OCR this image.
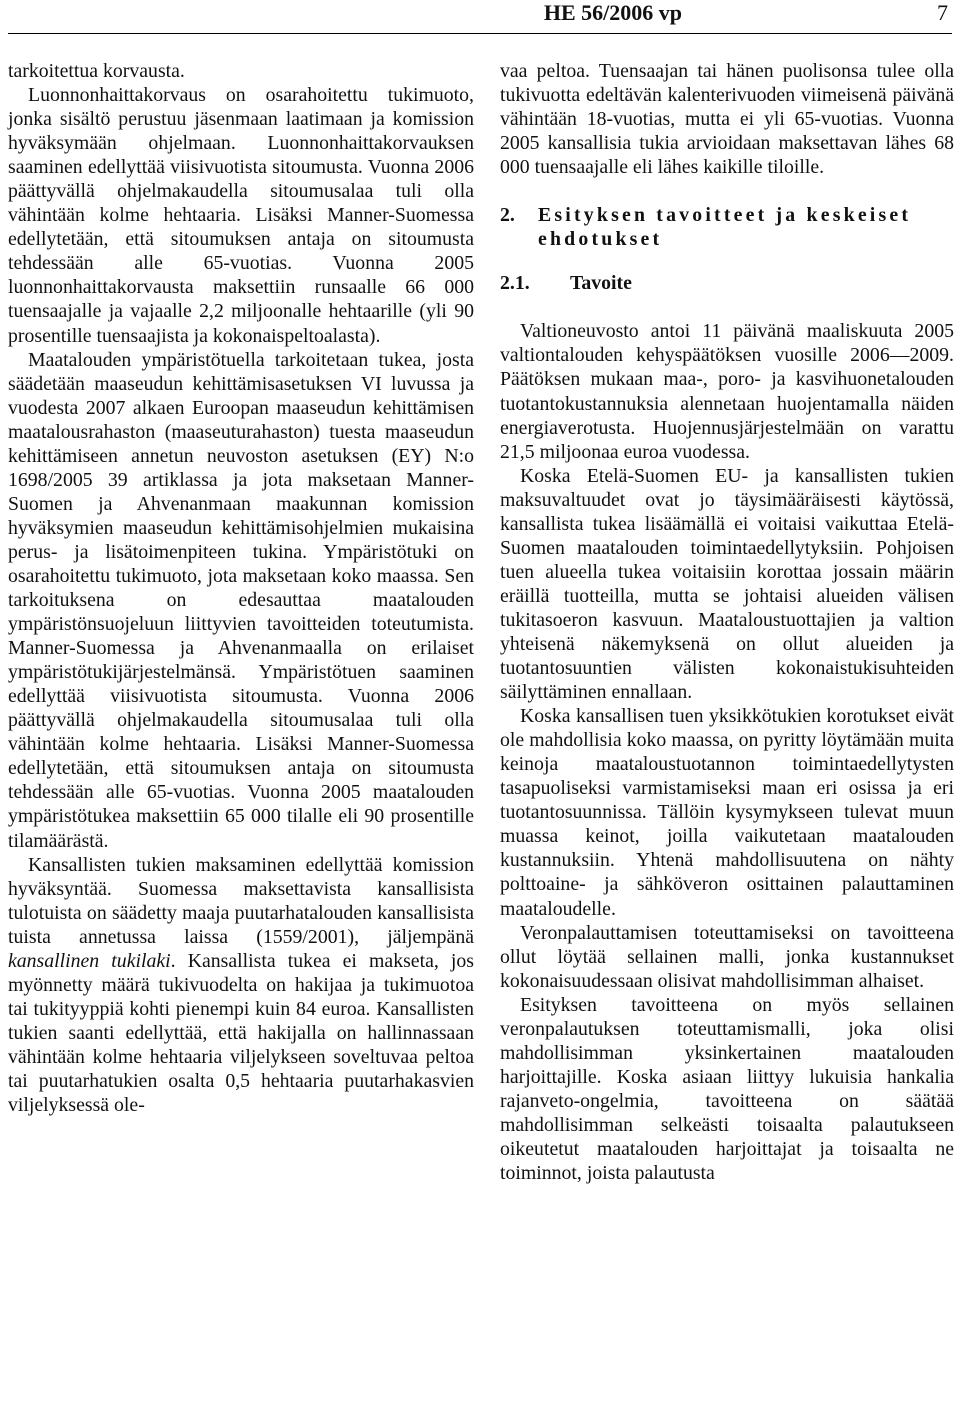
HE 56/2006 vp	7

tarkoitettua korvausta.

Luonnonhaittakorvaus on osarahoitettu tukimuoto, jonka sisältö perustuu jäsenmaan laatimaan ja komission hyväksymään ohjelmaan. Luonnonhaittakorvauksen saaminen edellyttää viisivuotista sitoumusta. Vuonna 2006 päättyvällä ohjelmakaudella sitoumusalaa tuli olla vähintään kolme hehtaaria. Lisäksi Manner-Suomessa edellytetään, että sitoumuksen antaja on sitoumusta tehdessään alle 65-vuotias. Vuonna 2005 luonnonhaittakorvausta maksettiin runsaalle 66 000 tuensaajalle ja vajaalle 2,2 miljoonalle hehtaarille (yli 90 prosentille tuensaajista ja kokonaispeltoalasta).

Maatalouden ympäristötuella tarkoitetaan tukea, josta säädetään maaseudun kehittämisasetuksen VI luvussa ja vuodesta 2007 alkaen Euroopan maaseudun kehittämisen maatalousrahaston (maaseuturahaston) tuesta maaseudun kehittämiseen annetun neuvoston asetuksen (EY) N:o 1698/2005 39 artiklassa ja jota maksetaan Manner-Suomen ja Ahvenanmaan maakunnan komission hyväksymien maaseudun kehittämisohjelmien mukaisina perus- ja lisätoimenpiteen tukina. Ympäristötuki on osarahoitettu tukimuoto, jota maksetaan koko maassa. Sen tarkoituksena on edesauttaa maatalouden ympäristönsuojeluun liittyvien tavoitteiden toteutumista. Manner-Suomessa ja Ahvenanmaalla on erilaiset ympäristötukijärjestelmänsä. Ympäristötuen saaminen edellyttää viisivuotista sitoumusta. Vuonna 2006 päättyvällä ohjelmakaudella sitoumusalaa tuli olla vähintään kolme hehtaaria. Lisäksi Manner-Suomessa edellytetään, että sitoumuksen antaja on sitoumusta tehdessään alle 65-vuotias. Vuonna 2005 maatalouden ympäristötukea maksettiin 65 000 tilalle eli 90 prosentille tilamäärästä.

Kansallisten tukien maksaminen edellyttää komission hyväksyntää. Suomessa maksettavista kansallisista tulotuista on säädetty maaja puutarhatalouden kansallisista tuista annetussa laissa (1559/2001), jäljempänä kansallinen tukilaki. Kansallista tukea ei makseta, jos myönnetty määrä tukivuodelta on hakijaa ja tukimuotoa tai tukityyppiä kohti pienempi kuin 84 euroa. Kansallisten tukien saanti edellyttää, että hakijalla on hallinnassaan vähintään kolme hehtaaria viljelykseen soveltuvaa peltoa tai puutarhatukien osalta 0,5 hehtaaria puutarhakasvien viljelyksessä ole-

vaa peltoa. Tuensaajan tai hänen puolisonsa tulee olla tukivuotta edeltävän kalenterivuoden viimeisenä päivänä vähintään 18-vuotias, mutta ei yli 65-vuotias. Vuonna 2005 kansallisia tukia arvioidaan maksettavan lähes 68 000 tuensaajalle eli lähes kaikille tiloille.

2.	Esityksen tavoitteet ja keskeiset ehdotukset
2.1.	Tavoite

Valtioneuvosto antoi 11 päivänä maaliskuuta 2005 valtiontalouden kehyspäätöksen vuosille 2006—2009. Päätöksen mukaan maa-, poro- ja kasvihuonetalouden tuotantokustannuksia alennetaan huojentamalla näiden energiaverotusta. Huojennusjärjestelmään on varattu 21,5 miljoonaa euroa vuodessa.

Koska Etelä-Suomen EU- ja kansallisten tukien maksuvaltuudet ovat jo täysimääräisesti käytössä, kansallista tukea lisäämällä ei voitaisi vaikuttaa Etelä-Suomen maatalouden toimintaedellytyksiin. Pohjoisen tuen alueella tukea voitaisiin korottaa jossain määrin eräillä tuotteilla, mutta se johtaisi alueiden välisen tukitasoeron kasvuun. Maataloustuottajien ja valtion yhteisenä näkemyksenä on ollut alueiden ja tuotantosuuntien välisten kokonaistukisuhteiden säilyttäminen ennallaan.

Koska kansallisen tuen yksikkötukien korotukset eivät ole mahdollisia koko maassa, on pyritty löytämään muita keinoja maataloustuotannon toimintaedellytysten tasapuoliseksi varmistamiseksi maan eri osissa ja eri tuotantosuunnissa. Tällöin kysymykseen tulevat muun muassa keinot, joilla vaikutetaan maatalouden kustannuksiin. Yhtenä mahdollisuutena on nähty polttoaine- ja sähköveron osittainen palauttaminen maataloudelle.

Veronpalauttamisen toteuttamiseksi on tavoitteena ollut löytää sellainen malli, jonka kustannukset kokonaisuudessaan olisivat mahdollisimman alhaiset.

Esityksen tavoitteena on myös sellainen veronpalautuksen toteuttamismalli, joka olisi mahdollisimman yksinkertainen maatalouden harjoittajille. Koska asiaan liittyy lukuisia hankalia rajanveto-ongelmia, tavoitteena on säätää mahdollisimman selkeästi toisaalta palautukseen oikeutetut maatalouden harjoittajat ja toisaalta ne toiminnot, joista palautusta
